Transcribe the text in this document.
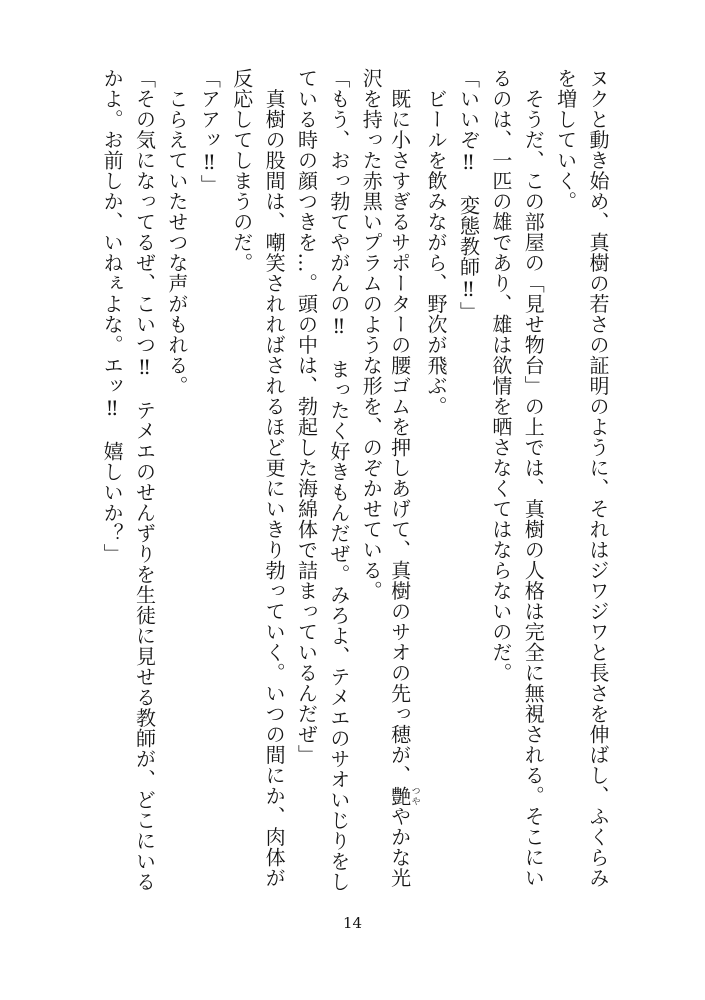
ヌクと動き始め、真樹の若さの証明のように、それはジワジワと長さを伸ばし、ふくらみ
を増していく。
　そうだ、この部屋の「見せ物台」の上では、真樹の人格は完全に無視される。そこにい
るのは、一匹の雄であり、雄は欲情を晒さなくてはならないのだ。
「いいぞ‼　変態教師‼」
　ビールを飲みながら、野次が飛ぶ。
　既に小さすぎるサポーターの腰ゴムを押しあげて、真樹のサオの先っ穂が、艶つややかな光
沢を持った赤黒いプラムのような形を、のぞかせている。
「もう、おっ勃てやがんの‼　まったく好きもんだぜ。みろよ、テメエのサオいじりをし
ている時の顔つきを…。頭の中は、勃起した海綿体で詰まっているんだぜ」
　真樹の股間は、嘲笑されればされるほど更にいきり勃っていく。いつの間にか、肉体が
反応してしまうのだ。
「アアッ‼」
　こらえていたせつな声がもれる。
「その気になってるぜ、こいつ‼　テメエのせんずりを生徒に見せる教師が、どこにいる
かよ。お前しか、いねぇよな。エッ‼　嬉しいか？」
14
